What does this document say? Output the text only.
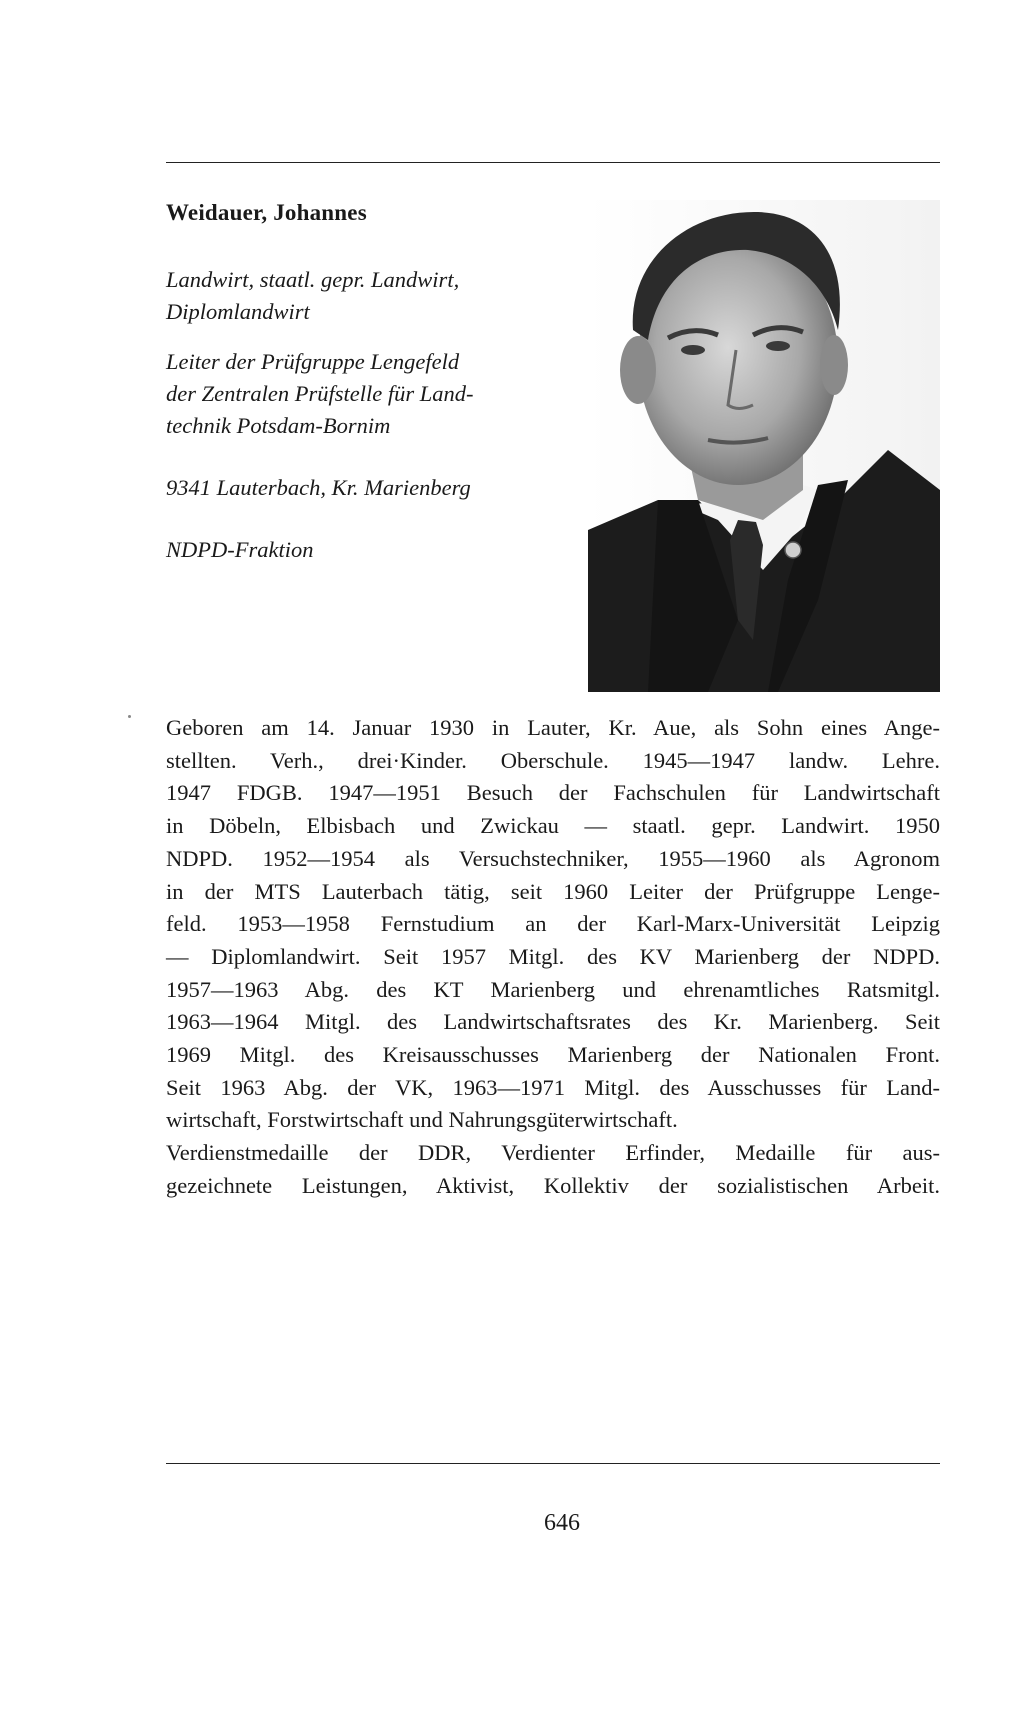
Weidauer, Johannes

Landwirt, staatl. gepr. Landwirt,
Diplomlandwirt

Leiter der Prüfgruppe Lengefeld
der Zentralen Prüfstelle für Land-
technik Potsdam-Bornim

9341 Lauterbach, Kr. Marienberg

NDPD-Fraktion

Geboren am 14. Januar 1930 in Lauter, Kr. Aue, als Sohn eines Ange-
stellten. Verh., drei·Kinder. Oberschule. 1945—1947 landw. Lehre.
1947 FDGB. 1947—1951 Besuch der Fachschulen für Landwirtschaft
in Döbeln, Elbisbach und Zwickau — staatl. gepr. Landwirt. 1950
NDPD. 1952—1954 als Versuchstechniker, 1955—1960 als Agronom
in der MTS Lauterbach tätig, seit 1960 Leiter der Prüfgruppe Lenge-
feld. 1953—1958 Fernstudium an der Karl-Marx-Universität Leipzig
— Diplomlandwirt. Seit 1957 Mitgl. des KV Marienberg der NDPD.
1957—1963 Abg. des KT Marienberg und ehrenamtliches Ratsmitgl.
1963—1964 Mitgl. des Landwirtschaftsrates des Kr. Marienberg. Seit
1969 Mitgl. des Kreisausschusses Marienberg der Nationalen Front.
Seit 1963 Abg. der VK, 1963—1971 Mitgl. des Ausschusses für Land-
wirtschaft, Forstwirtschaft und Nahrungsgüterwirtschaft.
Verdienstmedaille der DDR, Verdienter Erfinder, Medaille für aus-
gezeichnete Leistungen, Aktivist, Kollektiv der sozialistischen Arbeit.

646
